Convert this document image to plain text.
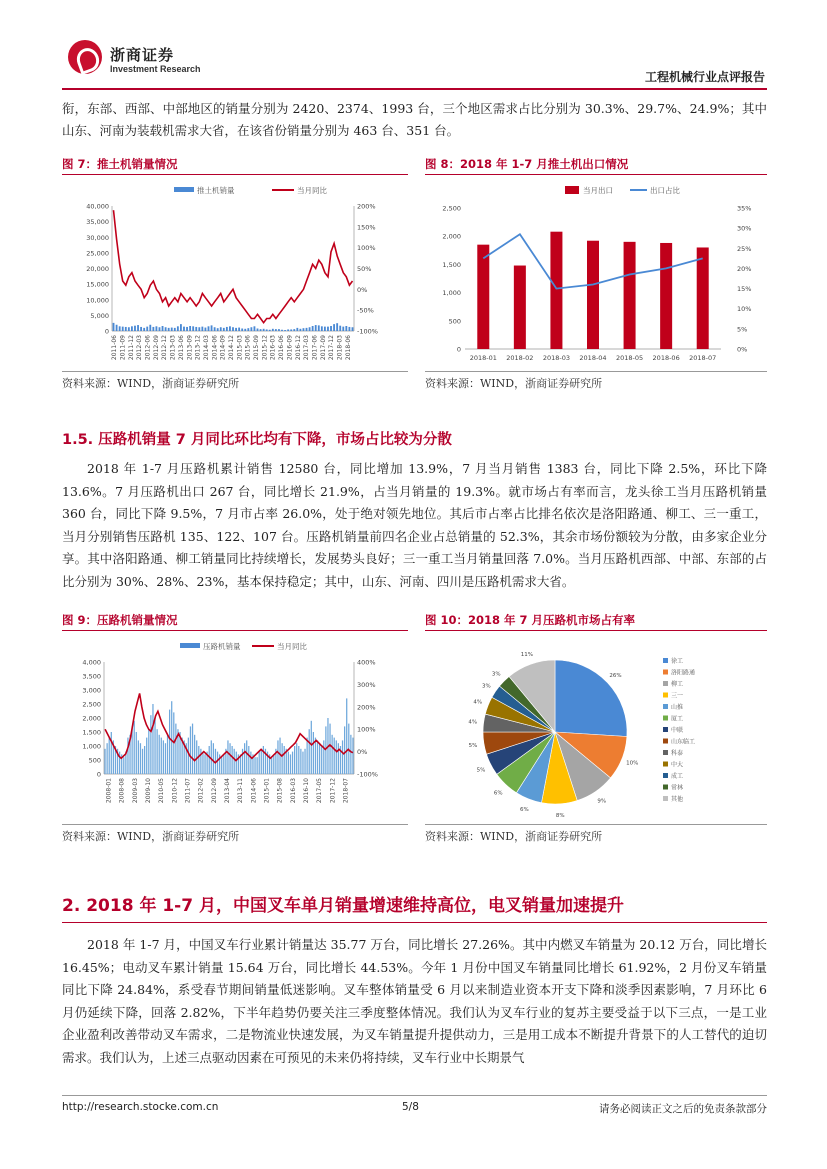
浙商证券
Investment Research
工程机械行业点评报告
衔，东部、西部、中部地区的销量分别为 2420、2374、1993 台，三个地区需求占比分别为 30.3%、29.7%、24.9%；其中山东、河南为装载机需求大省，在该省份销量分别为 463 台、351 台。
图 7：推土机销量情况
推土机销量	当月同比
0
5,000
10,000
15,000
20,000
25,000
30,000
35,000
40,000
-100%
-50%
0%
50%
100%
150%
200%
2011-06 2011-09 2011-12 2012-03 2012-06 2012-09 2012-12 2013-03 2013-06 2013-09 2013-12 2014-03 2014-06 2014-09 2014-12 2015-03 2015-06 2015-09 2015-12 2016-03 2016-06 2016-09 2016-12 2017-03 2017-06 2017-09 2017-12 2018-03 2018-06
资料来源：WIND，浙商证券研究所
图 8：2018 年 1-7 月推土机出口情况
当月出口	出口占比
0
500
1,000
1,500
2,000
2,500
0%
5%
10%
15%
20%
25%
30%
35%
2018-01 2018-02 2018-03 2018-04 2018-05 2018-06 2018-07
资料来源：WIND，浙商证券研究所
1.5. 压路机销量 7 月同比环比均有下降，市场占比较为分散
2018 年 1-7 月压路机累计销售 12580 台，同比增加 13.9%，7 月当月销售 1383 台，同比下降 2.5%，环比下降 13.6%。7 月压路机出口 267 台，同比增长 21.9%，占当月销量的 19.3%。就市场占有率而言，龙头徐工当月压路机销量 360 台，同比下降 9.5%，7 月市占率 26.0%，处于绝对领先地位。其后市占率占比排名依次是洛阳路通、柳工、三一重工，当月分别销售压路机 135、122、107 台。压路机销量前四名企业占总销量的 52.3%，其余市场份额较为分散，由多家企业分享。其中洛阳路通、柳工销量同比持续增长，发展势头良好；三一重工当月销量回落 7.0%。当月压路机西部、中部、东部的占比分别为 30%、28%、23%，基本保持稳定；其中，山东、河南、四川是压路机需求大省。
图 9：压路机销量情况
压路机销量	当月同比
0
500
1,000
1,500
2,000
2,500
3,000
3,500
4,000
-100%
0%
100%
200%
300%
400%
2008-01 2008-08 2009-03 2009-10 2010-05 2010-12 2011-07 2012-02 2012-09 2013-04 2013-11 2014-06 2015-01 2015-08 2016-03 2016-10 2017-05 2017-12 2018-07
资料来源：WIND，浙商证券研究所
图 10：2018 年 7 月压路机市场占有率
26%
10%
9%
8%
6%
6%
5%
5%
4%
4%
3%
3%
11%
徐工
洛阳路通
柳工
三一
山推
厦工
中联
山东临工
科泰
中大
成工
常林
其他
资料来源：WIND，浙商证券研究所
2. 2018 年 1-7 月，中国叉车单月销量增速维持高位，电叉销量加速提升
2018 年 1-7 月，中国叉车行业累计销量达 35.77 万台，同比增长 27.26%。其中内燃叉车销量为 20.12 万台，同比增长 16.45%；电动叉车累计销量 15.64 万台，同比增长 44.53%。今年 1 月份中国叉车销量同比增长 61.92%，2 月份叉车销量同比下降 24.84%，系受春节期间销量低迷影响。叉车整体销量受 6 月以来制造业资本开支下降和淡季因素影响，7 月环比 6 月仍延续下降，回落 2.82%，下半年趋势仍要关注三季度整体情况。我们认为叉车行业的复苏主要受益于以下三点，一是工业企业盈利改善带动叉车需求，二是物流业快速发展，为叉车销量提升提供动力，三是用工成本不断提升背景下的人工替代的迫切需求。我们认为，上述三点驱动因素在可预见的未来仍将持续，叉车行业中长期景气
http://research.stocke.com.cn	5/8	请务必阅读正文之后的免责条款部分
